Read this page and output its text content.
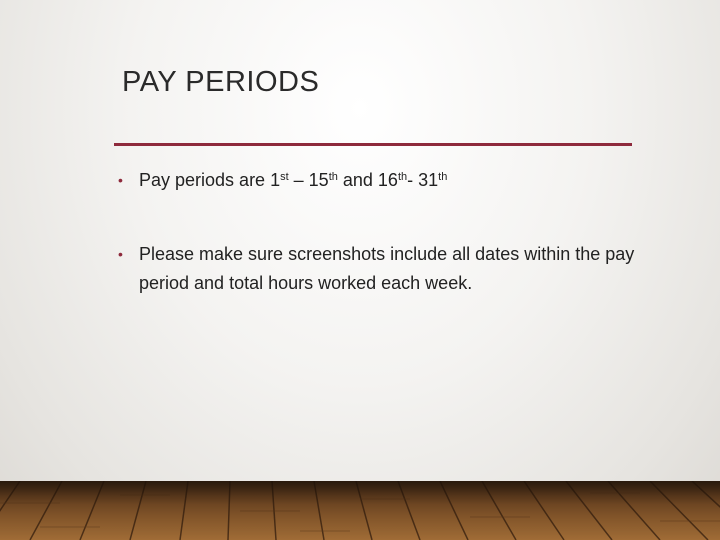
PAY PERIODS
• Pay periods are 1st – 15th and 16th- 31th
• Please make sure screenshots include all dates within the pay period and total hours worked each week.
